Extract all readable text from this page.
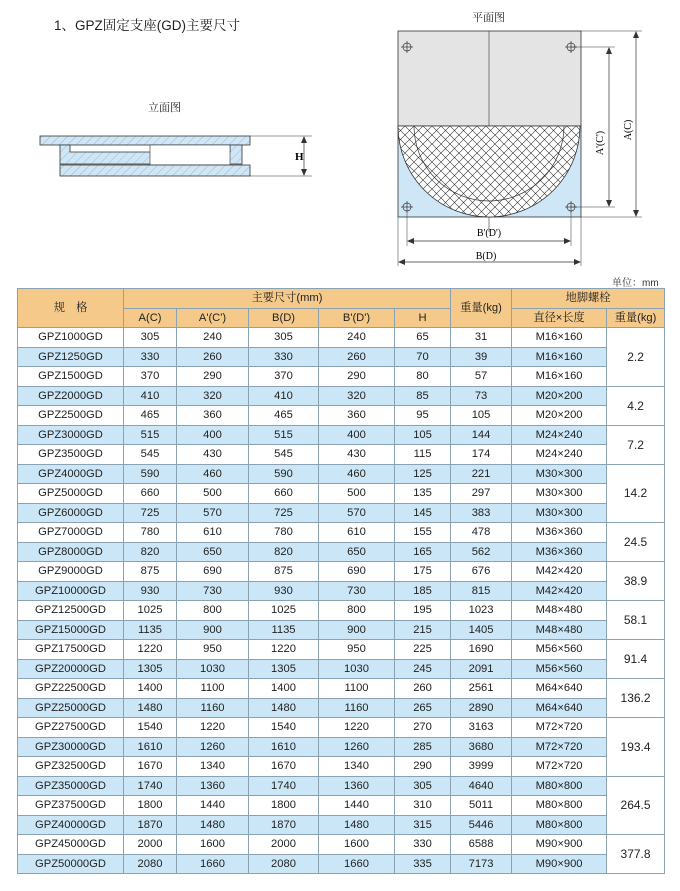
1、GPZ固定支座(GD)主要尺寸
立面图
平面图
H
A'(C')
A(C)
B'(D')
B(D)
单位：mm
规　格	主要尺寸(mm)					重量(kg)	地脚螺栓	
	A(C)	A'(C')	B(D)	B'(D')	H		直径×长度	重量(kg)
GPZ1000GD	305	240	305	240	65	31	M16×160	2.2
GPZ1250GD	330	260	330	260	70	39	M16×160	
GPZ1500GD	370	290	370	290	80	57	M16×160	
GPZ2000GD	410	320	410	320	85	73	M20×200	4.2
GPZ2500GD	465	360	465	360	95	105	M20×200	
GPZ3000GD	515	400	515	400	105	144	M24×240	7.2
GPZ3500GD	545	430	545	430	115	174	M24×240	
GPZ4000GD	590	460	590	460	125	221	M30×300	14.2
GPZ5000GD	660	500	660	500	135	297	M30×300	
GPZ6000GD	725	570	725	570	145	383	M30×300	
GPZ7000GD	780	610	780	610	155	478	M36×360	24.5
GPZ8000GD	820	650	820	650	165	562	M36×360	
GPZ9000GD	875	690	875	690	175	676	M42×420	38.9
GPZ10000GD	930	730	930	730	185	815	M42×420	
GPZ12500GD	1025	800	1025	800	195	1023	M48×480	58.1
GPZ15000GD	1135	900	1135	900	215	1405	M48×480	
GPZ17500GD	1220	950	1220	950	225	1690	M56×560	91.4
GPZ20000GD	1305	1030	1305	1030	245	2091	M56×560	
GPZ22500GD	1400	1100	1400	1100	260	2561	M64×640	136.2
GPZ25000GD	1480	1160	1480	1160	265	2890	M64×640	
GPZ27500GD	1540	1220	1540	1220	270	3163	M72×720	193.4
GPZ30000GD	1610	1260	1610	1260	285	3680	M72×720	
GPZ32500GD	1670	1340	1670	1340	290	3999	M72×720	
GPZ35000GD	1740	1360	1740	1360	305	4640	M80×800	264.5
GPZ37500GD	1800	1440	1800	1440	310	5011	M80×800	
GPZ40000GD	1870	1480	1870	1480	315	5446	M80×800	
GPZ45000GD	2000	1600	2000	1600	330	6588	M90×900	377.8
GPZ50000GD	2080	1660	2080	1660	335	7173	M90×900	
